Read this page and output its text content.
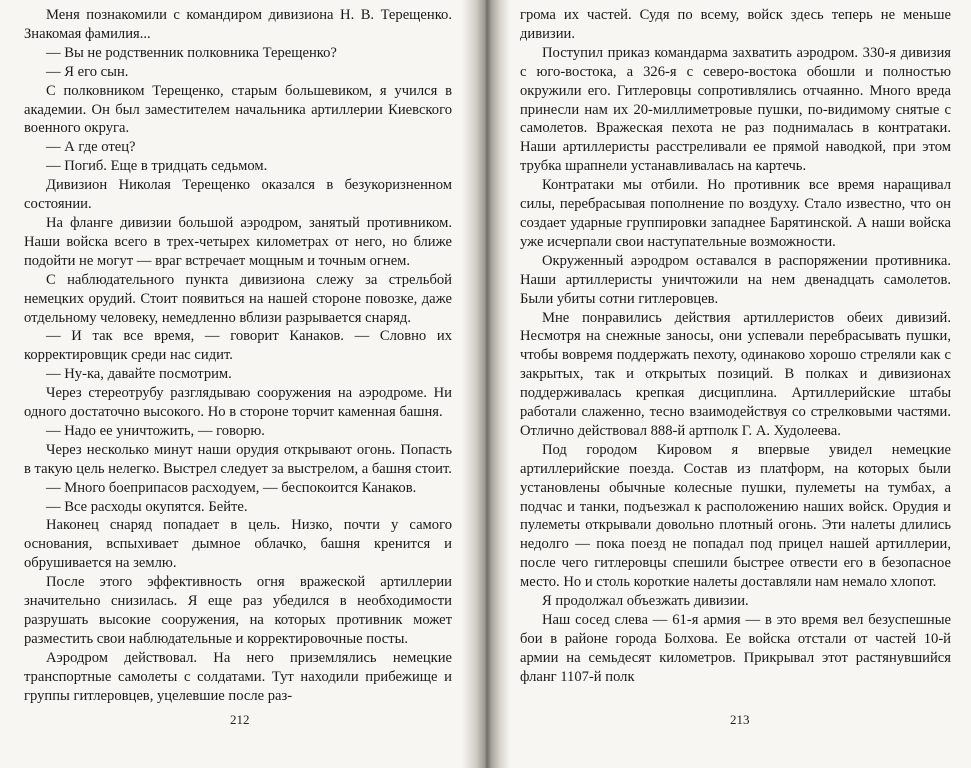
Меня познакомили с командиром дивизиона Н. В. Терещенко. Знакомая фамилия...

— Вы не родственник полковника Терещенко?

— Я его сын.

С полковником Терещенко, старым большевиком, я учился в академии. Он был заместителем начальника артиллерии Киевского военного округа.

— А где отец?

— Погиб. Еще в тридцать седьмом.

Дивизион Николая Терещенко оказался в безукоризненном состоянии.

На фланге дивизии большой аэродром, занятый противником. Наши войска всего в трех-четырех километрах от него, но ближе подойти не могут — враг встречает мощным и точным огнем.

С наблюдательного пункта дивизиона слежу за стрельбой немецких орудий. Стоит появиться на нашей стороне повозке, даже отдельному человеку, немедленно вблизи разрывается снаряд.

— И так все время, — говорит Канаков. — Словно их корректировщик среди нас сидит.

— Ну-ка, давайте посмотрим.

Через стереотрубу разглядываю сооружения на аэродроме. Ни одного достаточно высокого. Но в стороне торчит каменная башня.

— Надо ее уничтожить, — говорю.

Через несколько минут наши орудия открывают огонь. Попасть в такую цель нелегко. Выстрел следует за выстрелом, а башня стоит.

— Много боеприпасов расходуем, — беспокоится Канаков.

— Все расходы окупятся. Бейте.

Наконец снаряд попадает в цель. Низко, почти у самого основания, вспыхивает дымное облачко, башня кренится и обрушивается на землю.

После этого эффективность огня вражеской артиллерии значительно снизилась. Я еще раз убедился в необходимости разрушать высокие сооружения, на которых противник может разместить свои наблюдательные и корректировочные посты.

Аэродром действовал. На него приземлялись немецкие транспортные самолеты с солдатами. Тут находили прибежище и группы гитлеровцев, уцелевшие после раз-

212

грома их частей. Судя по всему, войск здесь теперь не меньше дивизии.

Поступил приказ командарма захватить аэродром. 330-я дивизия с юго-востока, а 326-я с северо-востока обошли и полностью окружили его. Гитлеровцы сопротивлялись отчаянно. Много вреда принесли нам их 20-миллиметровые пушки, по-видимому снятые с самолетов. Вражеская пехота не раз поднималась в контратаки. Наши артиллеристы расстреливали ее прямой наводкой, при этом трубка шрапнели устанавливалась на картечь.

Контратаки мы отбили. Но противник все время наращивал силы, перебрасывая пополнение по воздуху. Стало известно, что он создает ударные группировки западнее Барятинской. А наши войска уже исчерпали свои наступательные возможности.

Окруженный аэродром оставался в распоряжении противника. Наши артиллеристы уничтожили на нем двенадцать самолетов. Были убиты сотни гитлеровцев.

Мне понравились действия артиллеристов обеих дивизий. Несмотря на снежные заносы, они успевали перебрасывать пушки, чтобы вовремя поддержать пехоту, одинаково хорошо стреляли как с закрытых, так и открытых позиций. В полках и дивизионах поддерживалась крепкая дисциплина. Артиллерийские штабы работали слаженно, тесно взаимодействуя со стрелковыми частями. Отлично действовал 888-й артполк Г. А. Худолеева.

Под городом Кировом я впервые увидел немецкие артиллерийские поезда. Состав из платформ, на которых были установлены обычные колесные пушки, пулеметы на тумбах, а подчас и танки, подъезжал к расположению наших войск. Орудия и пулеметы открывали довольно плотный огонь. Эти налеты длились недолго — пока поезд не попадал под прицел нашей артиллерии, после чего гитлеровцы спешили быстрее отвести его в безопасное место. Но и столь короткие налеты доставляли нам немало хлопот.

Я продолжал объезжать дивизии.

Наш сосед слева — 61-я армия — в это время вел безуспешные бои в районе города Болхова. Ее войска отстали от частей 10-й армии на семьдесят километров. Прикрывал этот растянувшийся фланг 1107-й полк

213
